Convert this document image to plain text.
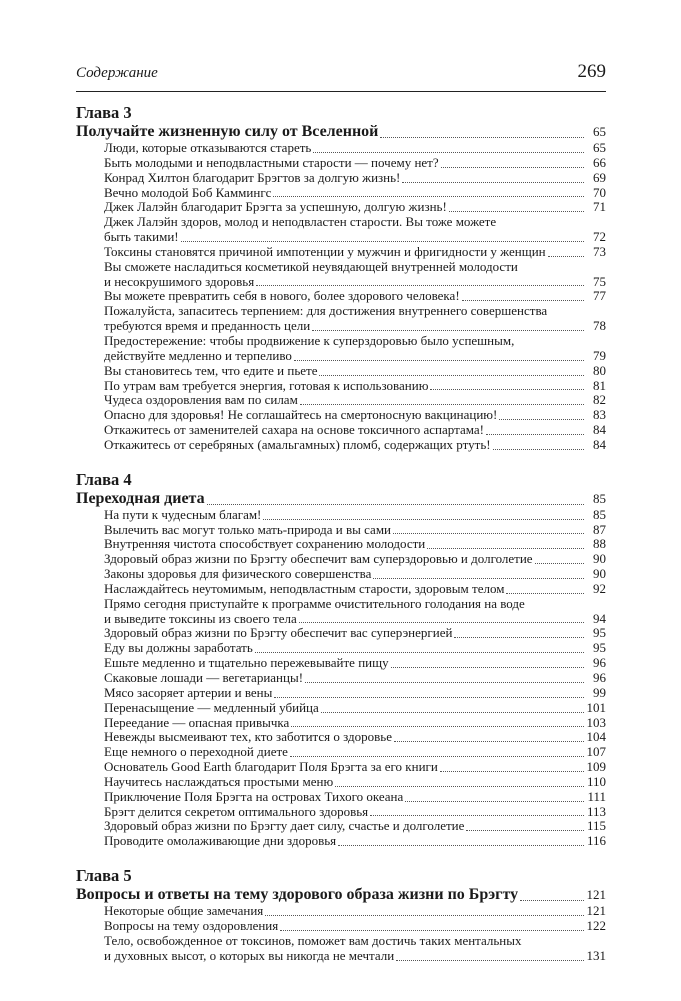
Содержание	269
Глава 3
Получайте жизненную силу от Вселенной	65
Люди, которые отказываются стареть	65
Быть молодыми и неподвластными старости — почему нет?	66
Конрад Хилтон благодарит Брэгтов за долгую жизнь!	69
Вечно молодой Боб Каммингс	70
Джек Лалэйн благодарит Брэгта за успешную, долгую жизнь!	71
Джек Лалэйн здоров, молод и неподвластен старости. Вы тоже можете
быть такими!	72
Токсины становятся причиной импотенции у мужчин и фригидности у женщин	73
Вы сможете насладиться косметикой неувядающей внутренней молодости
и несокрушимого здоровья	75
Вы можете превратить себя в нового, более здорового человека!	77
Пожалуйста, запаситесь терпением: для достижения внутреннего совершенства
требуются время и преданность цели	78
Предостережение: чтобы продвижение к суперздоровью было успешным,
действуйте медленно и терпеливо	79
Вы становитесь тем, что едите и пьете	80
По утрам вам требуется энергия, готовая к использованию	81
Чудеса оздоровления вам по силам	82
Опасно для здоровья! Не соглашайтесь на смертоносную вакцинацию!	83
Откажитесь от заменителей сахара на основе токсичного аспартама!	84
Откажитесь от серебряных (амальгамных) пломб, содержащих ртуть!	84
Глава 4
Переходная диета	85
На пути к чудесным благам!	85
Вылечить вас могут только мать-природа и вы сами	87
Внутренняя чистота способствует сохранению молодости	88
Здоровый образ жизни по Брэгту обеспечит вам суперздоровью и долголетие	90
Законы здоровья для физического совершенства	90
Наслаждайтесь неутомимым, неподвластным старости, здоровым телом	92
Прямо сегодня приступайте к программе очистительного голодания на воде
и выведите токсины из своего тела	94
Здоровый образ жизни по Брэгту обеспечит вас суперэнергией	95
Еду вы должны заработать	95
Ешьте медленно и тщательно пережевывайте пищу	96
Скаковые лошади — вегетарианцы!	96
Мясо засоряет артерии и вены	99
Перенасыщение — медленный убийца	101
Переедание — опасная привычка	103
Невежды высмеивают тех, кто заботится о здоровье	104
Еще немного о переходной диете	107
Основатель Good Earth благодарит Поля Брэгта за его книги	109
Научитесь наслаждаться простыми меню	110
Приключение Поля Брэгта на островах Тихого океана	111
Брэгт делится секретом оптимального здоровья	113
Здоровый образ жизни по Брэгту дает силу, счастье и долголетие	115
Проводите омолаживающие дни здоровья	116
Глава 5
Вопросы и ответы на тему здорового образа жизни по Брэгту	121
Некоторые общие замечания	121
Вопросы на тему оздоровления	122
Тело, освобожденное от токсинов, поможет вам достичь таких ментальных
и духовных высот, о которых вы никогда не мечтали	131
